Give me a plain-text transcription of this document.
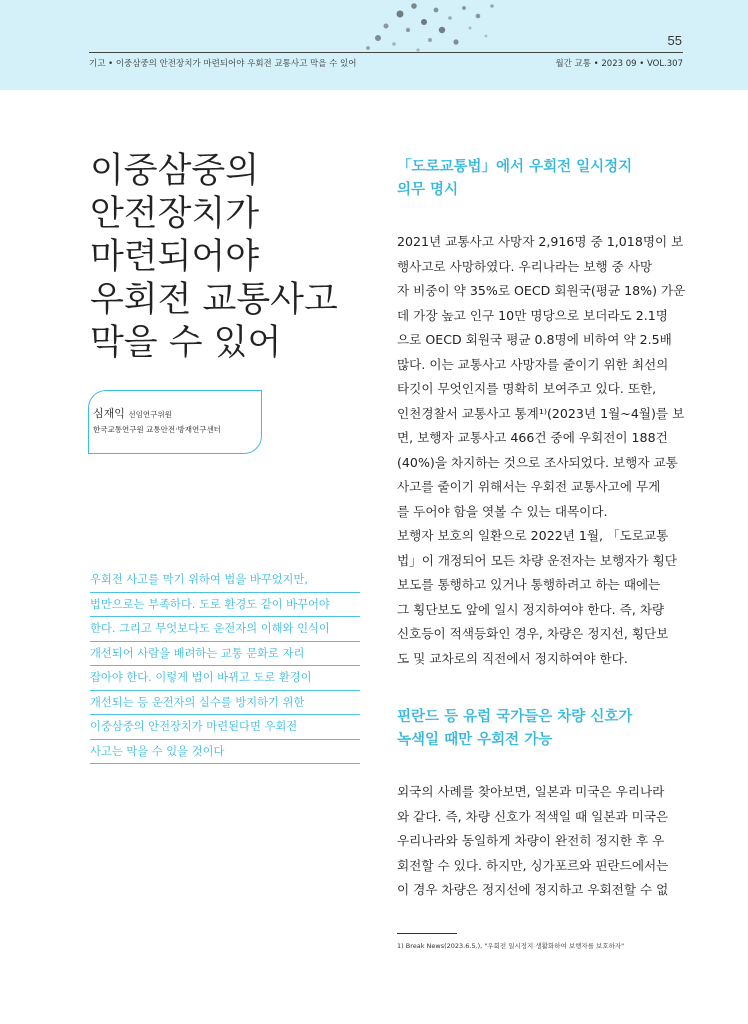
55
기고 • 이중삼중의 안전장치가 마련되어야 우회전 교통사고 막을 수 있어	월간 교통 • 2023 09 • VOL.307
이중삼중의
안전장치가
마련되어야
우회전 교통사고
막을 수 있어
심재익 선임연구위원
한국교통연구원 교통안전·방재연구센터
우회전 사고를 막기 위하여 법을 바꾸었지만,
법만으로는 부족하다. 도로 환경도 같이 바꾸어야
한다. 그리고 무엇보다도 운전자의 이해와 인식이
개선되어 사람을 배려하는 교통 문화로 자리
잡아야 한다. 이렇게 법이 바뀌고 도로 환경이
개선되는 등 운전자의 실수를 방지하기 위한
이중삼중의 안전장치가 마련된다면 우회전
사고는 막을 수 있을 것이다
「도로교통법」에서 우회전 일시정지
의무 명시
2021년 교통사고 사망자 2,916명 중 1,018명이 보
행사고로 사망하였다. 우리나라는 보행 중 사망
자 비중이 약 35%로 OECD 회원국(평균 18%) 가운
데 가장 높고 인구 10만 명당으로 보더라도 2.1명
으로 OECD 회원국 평균 0.8명에 비하여 약 2.5배
많다. 이는 교통사고 사망자를 줄이기 위한 최선의
타깃이 무엇인지를 명확히 보여주고 있다. 또한,
인천경찰서 교통사고 통계¹⁾(2023년 1월~4월)를 보
면, 보행자 교통사고 466건 중에 우회전이 188건
(40%)을 차지하는 것으로 조사되었다. 보행자 교통
사고를 줄이기 위해서는 우회전 교통사고에 무게
를 두어야 함을 엿볼 수 있는 대목이다.
보행자 보호의 일환으로 2022년 1월, 「도로교통
법」이 개정되어 모든 차량 운전자는 보행자가 횡단
보도를 통행하고 있거나 통행하려고 하는 때에는
그 횡단보도 앞에 일시 정지하여야 한다. 즉, 차량
신호등이 적색등화인 경우, 차량은 정지선, 횡단보
도 및 교차로의 직전에서 정지하여야 한다.
핀란드 등 유럽 국가들은 차량 신호가
녹색일 때만 우회전 가능
외국의 사례를 찾아보면, 일본과 미국은 우리나라
와 같다. 즉, 차량 신호가 적색일 때 일본과 미국은
우리나라와 동일하게 차량이 완전히 정지한 후 우
회전할 수 있다. 하지만, 싱가포르와 핀란드에서는
이 경우 차량은 정지선에 정지하고 우회전할 수 없
1) Break News(2023.6.5.), "우회전 일시정지 생활화하여 보행자를 보호하자"
